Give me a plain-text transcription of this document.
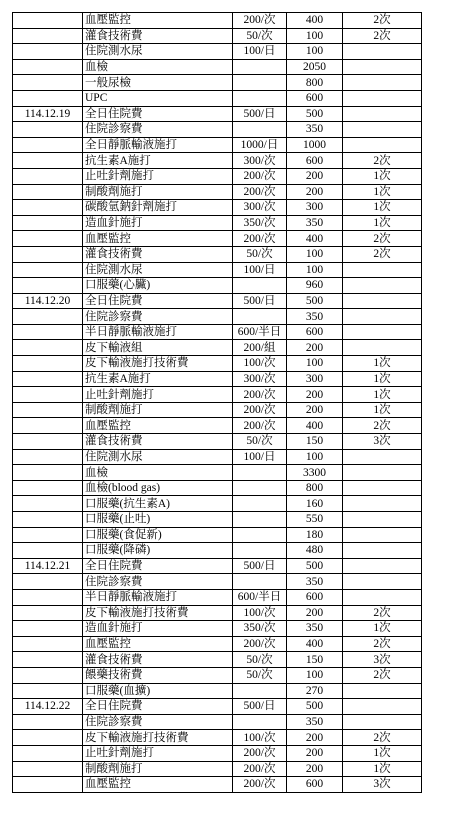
	血壓監控	200/次	400	2次
	灌食技術費	50/次	100	2次
	住院測水尿	100/日	100	
	血檢		2050	
	一般尿檢		800	
	UPC		600	
114.12.19	全日住院費	500/日	500	
	住院診察費		350	
	全日靜脈輸液施打	1000/日	1000	
	抗生素A施打	300/次	600	2次
	止吐針劑施打	200/次	200	1次
	制酸劑施打	200/次	200	1次
	碳酸氫鈉針劑施打	300/次	300	1次
	造血針施打	350/次	350	1次
	血壓監控	200/次	400	2次
	灌食技術費	50/次	100	2次
	住院測水尿	100/日	100	
	口服藥(心臟)		960	
114.12.20	全日住院費	500/日	500	
	住院診察費		350	
	半日靜脈輸液施打	600/半日	600	
	皮下輸液組	200/組	200	
	皮下輸液施打技術費	100/次	100	1次
	抗生素A施打	300/次	300	1次
	止吐針劑施打	200/次	200	1次
	制酸劑施打	200/次	200	1次
	血壓監控	200/次	400	2次
	灌食技術費	50/次	150	3次
	住院測水尿	100/日	100	
	血檢		3300	
	血檢(blood gas)		800	
	口服藥(抗生素A)		160	
	口服藥(止吐)		550	
	口服藥(食促新)		180	
	口服藥(降磷)		480	
114.12.21	全日住院費	500/日	500	
	住院診察費		350	
	半日靜脈輸液施打	600/半日	600	
	皮下輸液施打技術費	100/次	200	2次
	造血針施打	350/次	350	1次
	血壓監控	200/次	400	2次
	灌食技術費	50/次	150	3次
	餵藥技術費	50/次	100	2次
	口服藥(血擴)		270	
114.12.22	全日住院費	500/日	500	
	住院診察費		350	
	皮下輸液施打技術費	100/次	200	2次
	止吐針劑施打	200/次	200	1次
	制酸劑施打	200/次	200	1次
	血壓監控	200/次	600	3次
